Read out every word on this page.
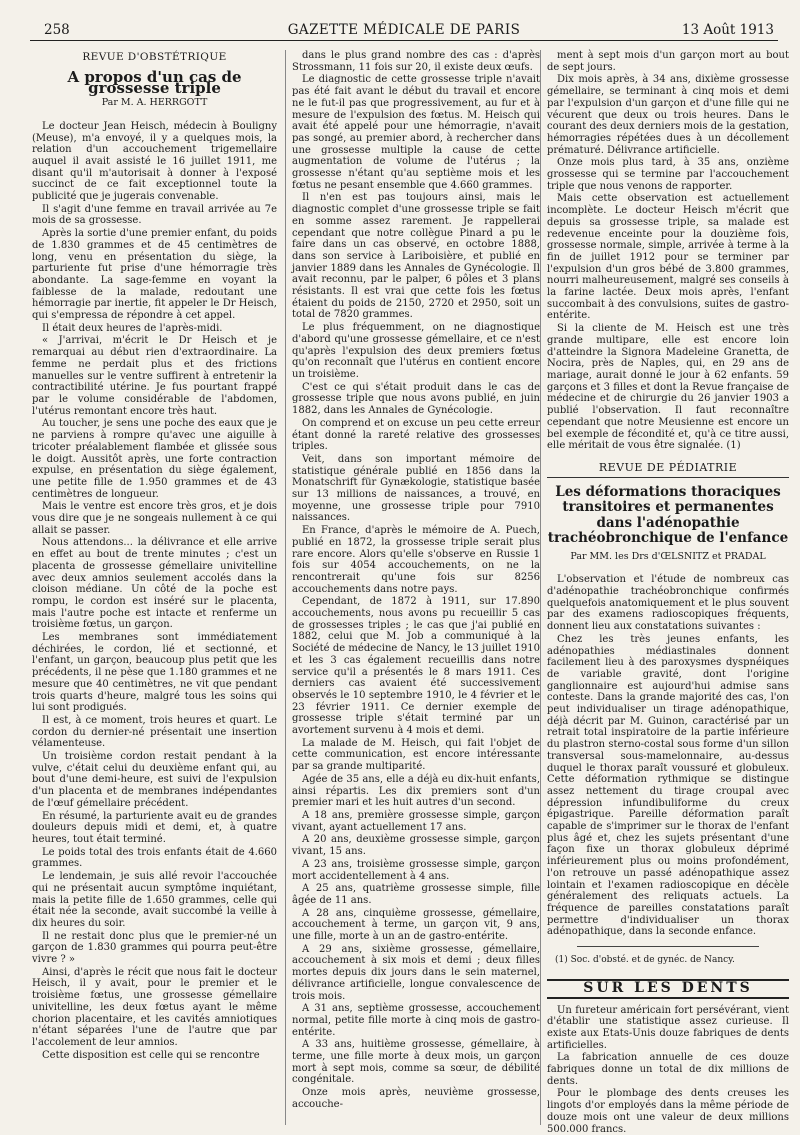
258	GAZETTE MÉDICALE DE PARIS	13 Août 1913
REVUE D'OBSTÉTRIQUE
A propos d'un cas de grossesse triple
Par M. A. HERRGOTT

Le docteur Jean Heisch, médecin à Bouligny (Meuse), m'a envoyé, il y a quelques mois, la relation d'un accouchement trigemellaire auquel il avait assisté le 16 juillet 1911, me disant qu'il m'autorisait à donner à l'exposé succinct de ce fait exceptionnel toute la publicité que je jugerais convenable.

Il s'agit d'une femme en travail arrivée au 7e mois de sa grossesse.

Après la sortie d'une premier enfant, du poids de 1.830 grammes et de 45 centimètres de long, venu en présentation du siège, la parturiente fut prise d'une hémorragie très abondante. La sage-femme en voyant la faiblesse de la malade, redoutant une hémorragie par inertie, fit appeler le Dr Heisch, qui s'empressa de répondre à cet appel.

Il était deux heures de l'après-midi.

« J'arrivai, m'écrit le Dr Heisch et je remarquai au début rien d'extraordinaire. La femme ne perdait plus et des frictions manuelles sur le ventre suffirent à entretenir la contractibilité utérine. Je fus pourtant frappé par le volume considérable de l'abdomen, l'utérus remontant encore très haut.

Au toucher, je sens une poche des eaux que je ne parviens à rompre qu'avec une aiguille à tricoter préalablement flambée et glissée sous le doigt. Aussitôt après, une forte contraction expulse, en présentation du siège également, une petite fille de 1.950 grammes et de 43 centimètres de longueur.

Mais le ventre est encore très gros, et je dois vous dire que je ne songeais nullement à ce qui allait se passer.

Nous attendons... la délivrance et elle arrive en effet au bout de trente minutes ; c'est un placenta de grossesse gémellaire univitelline avec deux amnios seulement accolés dans la cloison médiane. Un côté de la poche est rompu, le cordon est inséré sur le placenta, mais l'autre poche est intacte et renferme un troisième fœtus, un garçon.

Les membranes sont immédiatement déchirées, le cordon, lié et sectionné, et l'enfant, un garçon, beaucoup plus petit que les précédents, il ne pèse que 1.180 grammes et ne mesure que 40 centimètres, ne vit que pendant trois quarts d'heure, malgré tous les soins qui lui sont prodigués.

Il est, à ce moment, trois heures et quart. Le cordon du dernier-né présentait une insertion vélamenteuse.

Un troisième cordon restait pendant à la vulve, c'était celui du deuxième enfant qui, au bout d'une demi-heure, est suivi de l'expulsion d'un placenta et de membranes indépendantes de l'œuf gémellaire précédent.

En résumé, la parturiente avait eu de grandes douleurs depuis midi et demi, et, à quatre heures, tout était terminé.

Le poids total des trois enfants était de 4.660 grammes.

Le lendemain, je suis allé revoir l'accouchée qui ne présentait aucun symptôme inquiétant, mais la petite fille de 1.650 grammes, celle qui était née la seconde, avait succombé la veille à dix heures du soir.

Il ne restait donc plus que le premier-né un garçon de 1.830 grammes qui pourra peut-être vivre ? »

Ainsi, d'après le récit que nous fait le docteur Heisch, il y avait, pour le premier et le troisième fœtus, une grossesse gémellaire univitelline, les deux fœtus ayant le même chorion placentaire, et les cavités amniotiques n'étant séparées l'une de l'autre que par l'accolement de leur amnios.

Cette disposition est celle qui se rencontre

dans le plus grand nombre des cas : d'après Strossmann, 11 fois sur 20, il existe deux œufs.

Le diagnostic de cette grossesse triple n'avait pas été fait avant le début du travail et encore ne le fut-il pas que progressivement, au fur et à mesure de l'expulsion des fœtus. M. Heisch qui avait été appelé pour une hémorragie, n'avait pas songé, au premier abord, à rechercher dans une grossesse multiple la cause de cette augmentation de volume de l'utérus ; la grossesse n'étant qu'au septième mois et les fœtus ne pesant ensemble que 4.660 grammes.

Il n'en est pas toujours ainsi, mais le diagnostic complet d'une grossesse triple se fait en somme assez rarement. Je rappellerai cependant que notre collègue Pinard a pu le faire dans un cas observé, en octobre 1888, dans son service à Lariboisière, et publié en janvier 1889 dans les Annales de Gynécologie. Il avait reconnu, par le palper, 6 pôles et 3 plans résistants. Il est vrai que cette fois les fœtus étaient du poids de 2150, 2720 et 2950, soit un total de 7820 grammes.

Le plus fréquemment, on ne diagnostique d'abord qu'une grossesse gémellaire, et ce n'est qu'après l'expulsion des deux premiers fœtus qu'on reconnaît que l'utérus en contient encore un troisième.

C'est ce qui s'était produit dans le cas de grossesse triple que nous avons publié, en juin 1882, dans les Annales de Gynécologie.

On comprend et on excuse un peu cette erreur étant donné la rareté relative des grossesses triples.

Veit, dans son important mémoire de statistique générale publié en 1856 dans la Monatschrift für Gynækologie, statistique basée sur 13 millions de naissances, a trouvé, en moyenne, une grossesse triple pour 7910 naissances.

En France, d'après le mémoire de A. Puech, publié en 1872, la grossesse triple serait plus rare encore. Alors qu'elle s'observe en Russie 1 fois sur 4054 accouchements, on ne la rencontrerait qu'une fois sur 8256 accouchements dans notre pays.

Cependant, de 1872 à 1911, sur 17.890 accouchements, nous avons pu recueillir 5 cas de grossesses triples ; le cas que j'ai publié en 1882, celui que M. Job a communiqué à la Société de médecine de Nancy, le 13 juillet 1910 et les 3 cas également recueillis dans notre service qu'il a présentés le 8 mars 1911. Ces derniers cas avaient été successivement observés le 10 septembre 1910, le 4 février et le 23 février 1911. Ce dernier exemple de grossesse triple s'était terminé par un avortement survenu à 4 mois et demi.

La malade de M. Heisch, qui fait l'objet de cette communication, est encore intéressante par sa grande multiparité.

Agée de 35 ans, elle a déjà eu dix-huit enfants, ainsi répartis. Les dix premiers sont d'un premier mari et les huit autres d'un second.

A 18 ans, première grossesse simple, garçon vivant, ayant actuellement 17 ans.

A 20 ans, deuxième grossesse simple, garçon vivant, 15 ans.

A 23 ans, troisième grossesse simple, garçon mort accidentellement à 4 ans.

A 25 ans, quatrième grossesse simple, fille âgée de 11 ans.

A 28 ans, cinquième grossesse, gémellaire, accouchement à terme, un garçon vit, 9 ans, une fille, morte à un an de gastro-entérite.

A 29 ans, sixième grossesse, gémellaire, accouchement à six mois et demi ; deux filles mortes depuis dix jours dans le sein maternel, délivrance artificielle, longue convalescence de trois mois.

A 31 ans, septième grossesse, accouchement normal, petite fille morte à cinq mois de gastro-entérite.

A 33 ans, huitième grossesse, gémellaire, à terme, une fille morte à deux mois, un garçon mort à sept mois, comme sa sœur, de débilité congénitale.

Onze mois après, neuvième grossesse, accouche-

ment à sept mois d'un garçon mort au bout de sept jours.

Dix mois après, à 34 ans, dixième grossesse gémellaire, se terminant à cinq mois et demi par l'expulsion d'un garçon et d'une fille qui ne vécurent que deux ou trois heures. Dans le courant des deux derniers mois de la gestation, hémorragies répétées dues à un décollement prématuré. Délivrance artificielle.

Onze mois plus tard, à 35 ans, onzième grossesse qui se termine par l'accouchement triple que nous venons de rapporter.

Mais cette observation est actuellement incomplète. Le docteur Heisch m'écrit que depuis sa grossesse triple, sa malade est redevenue enceinte pour la douzième fois, grossesse normale, simple, arrivée à terme à la fin de juillet 1912 pour se terminer par l'expulsion d'un gros bébé de 3.800 grammes, nourri malheureusement, malgré ses conseils à la farine lactée. Deux mois après, l'enfant succombait à des convulsions, suites de gastro-entérite.

Si la cliente de M. Heisch est une très grande multipare, elle est encore loin d'atteindre la Signora Madeleine Granetta, de Nocira, près de Naples, qui, en 29 ans de mariage, aurait donné le jour à 62 enfants. 59 garçons et 3 filles et dont la Revue française de médecine et de chirurgie du 26 janvier 1903 a publié l'observation. Il faut reconnaître cependant que notre Meusienne est encore un bel exemple de fécondité et, qu'à ce titre aussi, elle méritait de vous être signalée. (1)

REVUE DE PÉDIATRIE
Les déformations thoraciques transitoires et permanentes dans l'adénopathie trachéobronchique de l'enfance
Par MM. les Drs d'ŒLSNITZ et PRADAL

L'observation et l'étude de nombreux cas d'adénopathie trachéobronchique confirmés quelquefois anatomiquement et le plus souvent par des examens radioscopiques fréquents, donnent lieu aux constatations suivantes :

Chez les très jeunes enfants, les adénopathies médiastinales donnent facilement lieu à des paroxysmes dyspnéiques de variable gravité, dont l'origine ganglionnaire est aujourd'hui admise sans conteste. Dans la grande majorité des cas, l'on peut individualiser un tirage adénopathique, déjà décrit par M. Guinon, caractérisé par un retrait total inspiratoire de la partie inférieure du plastron sterno-costal sous forme d'un sillon transversal sous-mamelonnaire, au-dessus duquel le thorax paraît voussuré et globuleux. Cette déformation rythmique se distingue assez nettement du tirage croupal avec dépression infundibuliforme du creux épigastrique. Pareille déformation paraît capable de s'imprimer sur le thorax de l'enfant plus âgé et, chez les sujets présentant d'une façon fixe un thorax globuleux déprimé inférieurement plus ou moins profondément, l'on retrouve un passé adénopathique assez lointain et l'examen radioscopique en décèle généralement des reliquats actuels. La fréquence de pareilles constatations paraît permettre d'individualiser un thorax adénopathique, dans la seconde enfance.

(1) Soc. d'obsté. et de gynéc. de Nancy.
SUR LES DENTS

Un fureteur américain fort persévérant, vient d'établir une statistique assez curieuse. Il existe aux Etats-Unis douze fabriques de dents artificielles.

La fabrication annuelle de ces douze fabriques donne un total de dix millions de dents.

Pour le plombage des dents creuses les lingots d'or employés dans la même période de douze mois ont une valeur de deux millions 500.000 francs.
